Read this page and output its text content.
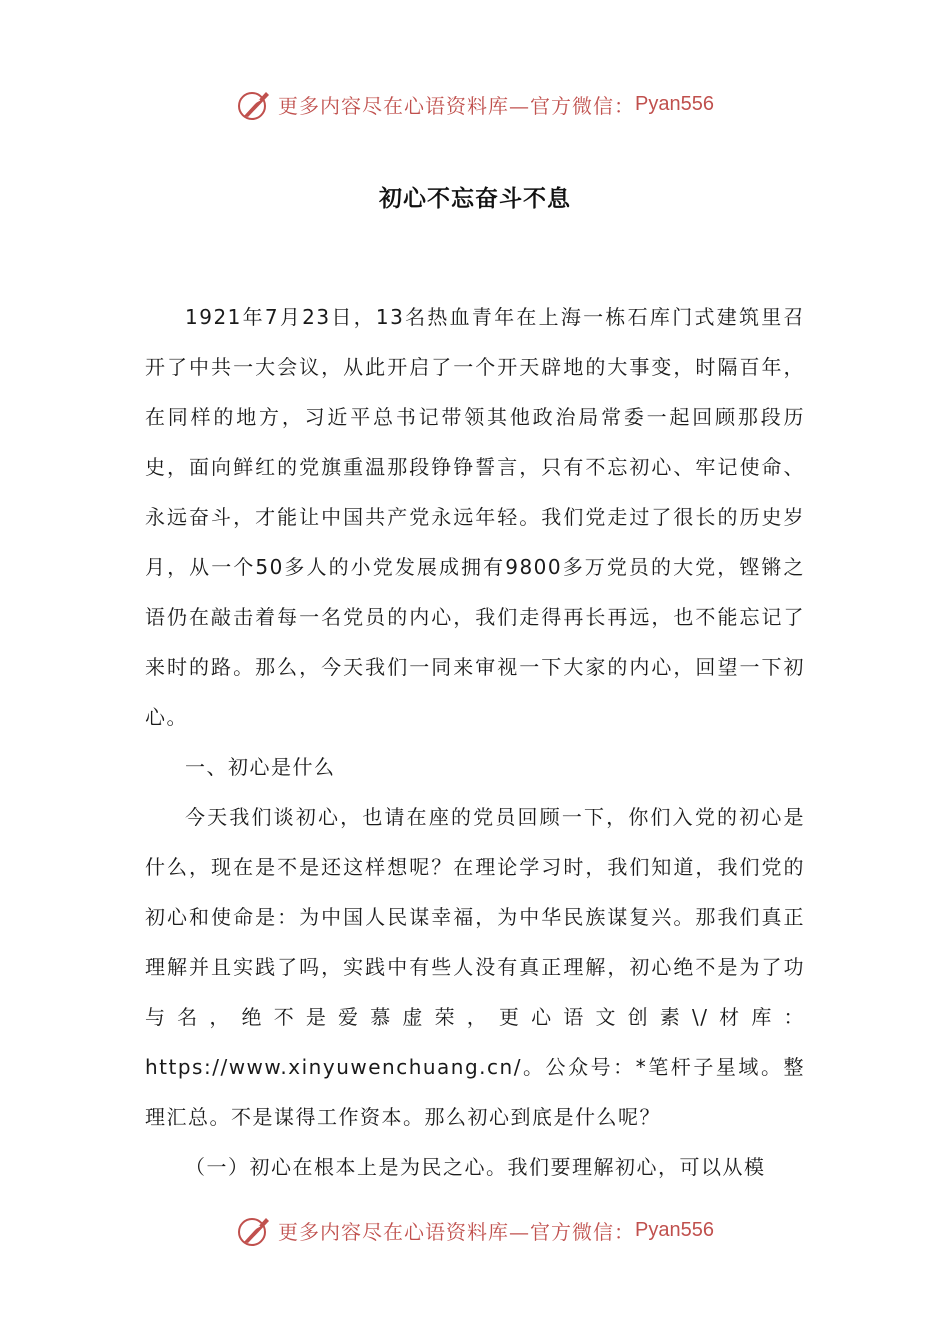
更多内容尽在心语资料库— 官方微信： Pyan556
初心不忘奋斗不息

1921年7月23日，13名热血青年在上海一栋石库门式建筑里召开了中共一大会议，从此开启了一个开天辟地的大事变，时隔百年，在同样的地方，习近平总书记带领其他政治局常委一起回顾那段历史，面向鲜红的党旗重温那段铮铮誓言，只有不忘初心、牢记使命、永远奋斗，才能让中国共产党永远年轻。我们党走过了很长的历史岁月，从一个50多人的小党发展成拥有9800多万党员的大党，铿锵之语仍在敲击着每一名党员的内心，我们走得再长再远，也不能忘记了来时的路。那么，今天我们一同来审视一下大家的内心，回望一下初心。

一、初心是什么

今天我们谈初心，也请在座的党员回顾一下，你们入党的初心是什么，现在是不是还这样想呢？在理论学习时，我们知道，我们党的初心和使命是：为中国人民谋幸福，为中华民族谋复兴。那我们真正理解并且实践了吗，实践中有些人没有真正理解，初心绝不是为了功与名，绝不是爱慕虚荣，更心语文创素\/材库：https://www.xinyuwenchuang.cn/。公众号：*笔杆子星域。整理汇总。不是谋得工作资本。那么初心到底是什么呢？

（一）初心在根本上是为民之心。我们要理解初心，可以从模

更多内容尽在心语资料库— 官方微信： Pyan556
